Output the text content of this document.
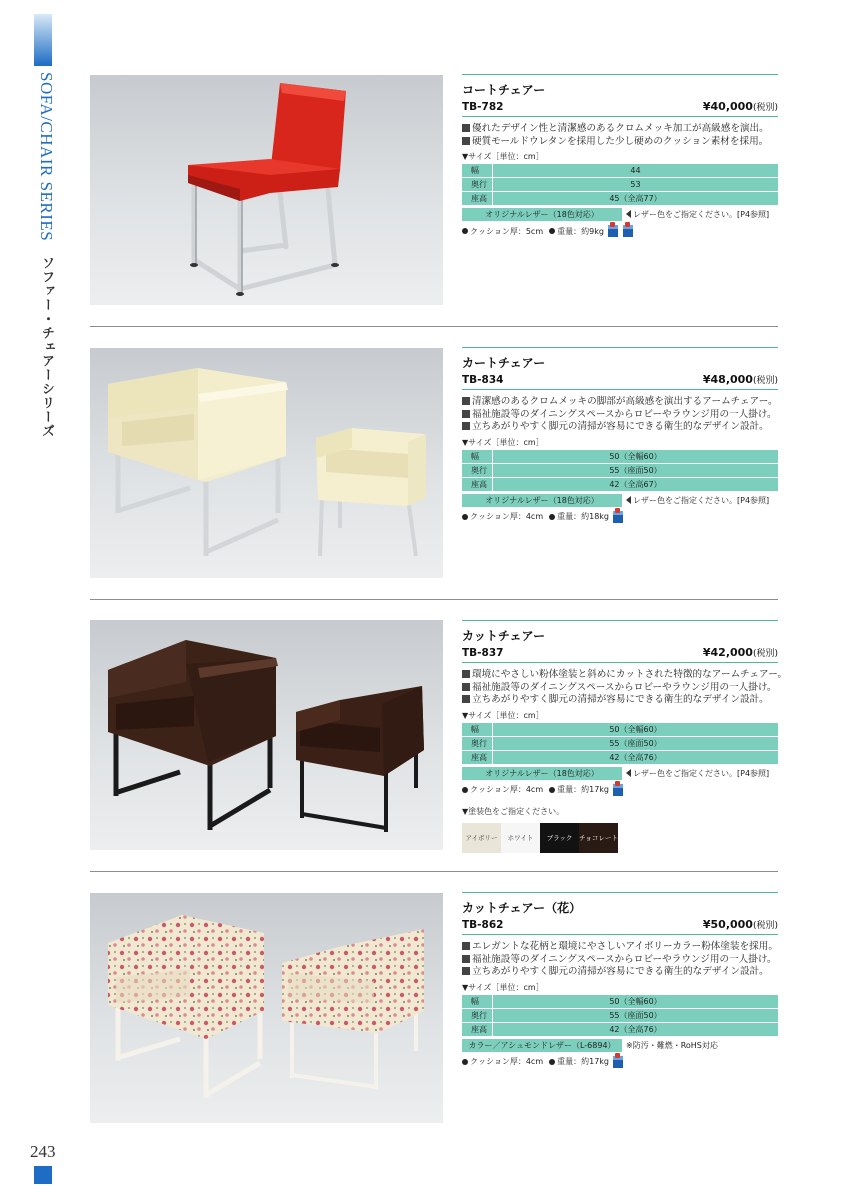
SOFA/CHAIR SERIES ソファー・チェアーシリーズ
243
コートチェアー
TB-782	¥40,000(税別)
優れたデザイン性と清潔感のあるクロムメッキ加工が高級感を演出。
硬質モールドウレタンを採用した少し硬めのクッション素材を採用。
▼サイズ［単位：cm］
幅	44
奥行	53
座高	45（全高77）
オリジナルレザー（18色対応）	レザー色をご指定ください。[P4参照]
クッション厚：5cm 重量：約9kg
カートチェアー
TB-834	¥48,000(税別)
清潔感のあるクロムメッキの脚部が高級感を演出するアームチェアー。
福祉施設等のダイニングスペースからロビーやラウンジ用の一人掛け。
立ちあがりやすく脚元の清掃が容易にできる衛生的なデザイン設計。
▼サイズ［単位：cm］
幅	50（全幅60）
奥行	55（座面50）
座高	42（全高67）
オリジナルレザー（18色対応）	レザー色をご指定ください。[P4参照]
クッション厚：4cm 重量：約18kg
カットチェアー
TB-837	¥42,000(税別)
環境にやさしい粉体塗装と斜めにカットされた特徴的なアームチェアー。
福祉施設等のダイニングスペースからロビーやラウンジ用の一人掛け。
立ちあがりやすく脚元の清掃が容易にできる衛生的なデザイン設計。
▼サイズ［単位：cm］
幅	50（全幅60）
奥行	55（座面50）
座高	42（全高76）
オリジナルレザー（18色対応）	レザー色をご指定ください。[P4参照]
クッション厚：4cm 重量：約17kg
▼塗装色をご指定ください。
アイボリー ホワイト ブラック チョコレート
カットチェアー（花）
TB-862	¥50,000(税別)
エレガントな花柄と環境にやさしいアイボリーカラー粉体塗装を採用。
福祉施設等のダイニングスペースからロビーやラウンジ用の一人掛け。
立ちあがりやすく脚元の清掃が容易にできる衛生的なデザイン設計。
▼サイズ［単位：cm］
幅	50（全幅60）
奥行	55（座面50）
座高	42（全高76）
カラー／アシュモンドレザー（L-6894）	※防汚・難燃・RoHS対応
クッション厚：4cm 重量：約17kg
